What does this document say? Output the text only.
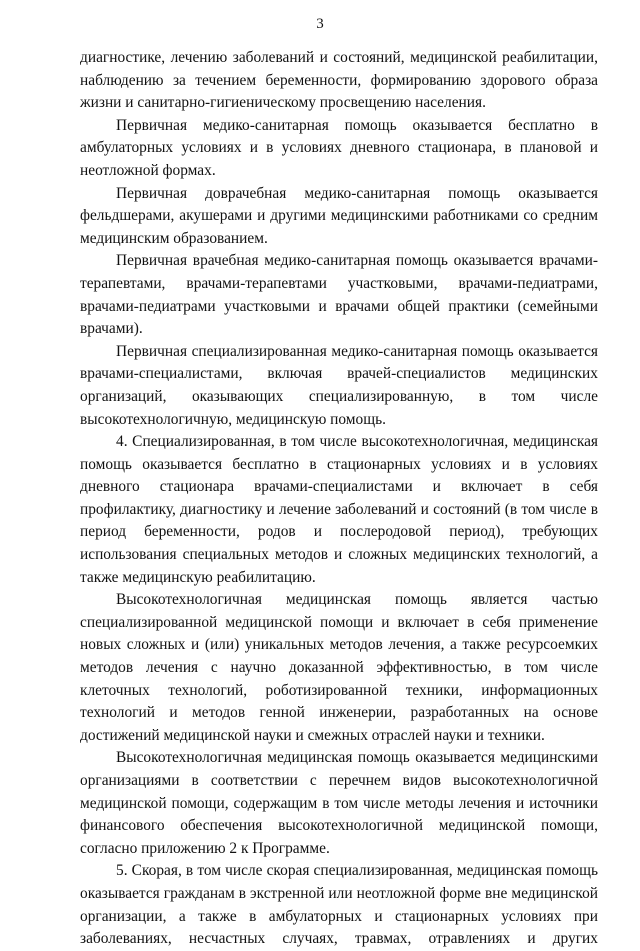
3

диагностике, лечению заболеваний и состояний, медицинской реабилитации, наблюдению за течением беременности, формированию здорового образа жизни и санитарно-гигиеническому просвещению населения.

Первичная медико-санитарная помощь оказывается бесплатно в амбулаторных условиях и в условиях дневного стационара, в плановой и неотложной формах.

Первичная доврачебная медико-санитарная помощь оказывается фельдшерами, акушерами и другими медицинскими работниками со средним медицинским образованием.

Первичная врачебная медико-санитарная помощь оказывается врачами-терапевтами, врачами-терапевтами участковыми, врачами-педиатрами, врачами-педиатрами участковыми и врачами общей практики (семейными врачами).

Первичная специализированная медико-санитарная помощь оказывается врачами-специалистами, включая врачей-специалистов медицинских организаций, оказывающих специализированную, в том числе высокотехнологичную, медицинскую помощь.

4. Специализированная, в том числе высокотехнологичная, медицинская помощь оказывается бесплатно в стационарных условиях и в условиях дневного стационара врачами-специалистами и включает в себя профилактику, диагностику и лечение заболеваний и состояний (в том числе в период беременности, родов и послеродовой период), требующих использования специальных методов и сложных медицинских технологий, а также медицинскую реабилитацию.

Высокотехнологичная медицинская помощь является частью специализированной медицинской помощи и включает в себя применение новых сложных и (или) уникальных методов лечения, а также ресурсоемких методов лечения с научно доказанной эффективностью, в том числе клеточных технологий, роботизированной техники, информационных технологий и методов генной инженерии, разработанных на основе достижений медицинской науки и смежных отраслей науки и техники.

Высокотехнологичная медицинская помощь оказывается медицинскими организациями в соответствии с перечнем видов высокотехнологичной медицинской помощи, содержащим в том числе методы лечения и источники финансового обеспечения высокотехнологичной медицинской помощи, согласно приложению 2 к Программе.

5. Скорая, в том числе скорая специализированная, медицинская помощь оказывается гражданам в экстренной или неотложной форме вне медицинской организации, а также в амбулаторных и стационарных условиях при заболеваниях, несчастных случаях, травмах, отравлениях и других
